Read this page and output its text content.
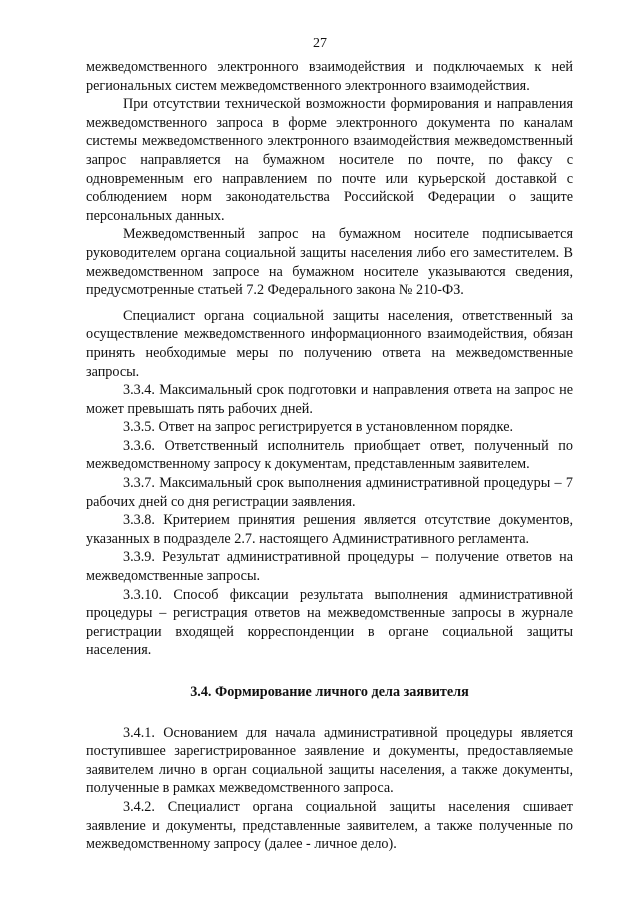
27

межведомственного электронного взаимодействия и подключаемых к ней региональных систем межведомственного электронного взаимодействия.

При отсутствии технической возможности формирования и направления межведомственного запроса в форме электронного документа по каналам системы межведомственного электронного взаимодействия межведомственный запрос направляется на бумажном носителе по почте, по факсу с одновременным его направлением по почте или курьерской доставкой с соблюдением норм законодательства Российской Федерации о защите персональных данных.

Межведомственный запрос на бумажном носителе подписывается руководителем органа социальной защиты населения либо его заместителем. В межведомственном запросе на бумажном носителе указываются сведения, предусмотренные статьей 7.2 Федерального закона № 210-ФЗ.

Специалист органа социальной защиты населения, ответственный за осуществление межведомственного информационного взаимодействия, обязан принять необходимые меры по получению ответа на межведомственные запросы.

3.3.4. Максимальный срок подготовки и направления ответа на запрос не может превышать пять рабочих дней.

3.3.5. Ответ на запрос регистрируется в установленном порядке.

3.3.6. Ответственный исполнитель приобщает ответ, полученный по межведомственному запросу к документам, представленным заявителем.

3.3.7. Максимальный срок выполнения административной процедуры – 7 рабочих дней со дня регистрации заявления.

3.3.8. Критерием принятия решения является отсутствие документов, указанных в подразделе 2.7. настоящего Административного регламента.

3.3.9. Результат административной процедуры – получение ответов на межведомственные запросы.

3.3.10. Способ фиксации результата выполнения административной процедуры – регистрация ответов на межведомственные запросы в журнале регистрации входящей корреспонденции в органе социальной защиты населения.

3.4. Формирование личного дела заявителя

3.4.1. Основанием для начала административной процедуры является поступившее зарегистрированное заявление и документы, предоставляемые заявителем лично в орган социальной защиты населения, а также документы, полученные в рамках межведомственного запроса.

3.4.2. Специалист органа социальной защиты населения сшивает заявление и документы, представленные заявителем, а также полученные по межведомственному запросу (далее - личное дело).
